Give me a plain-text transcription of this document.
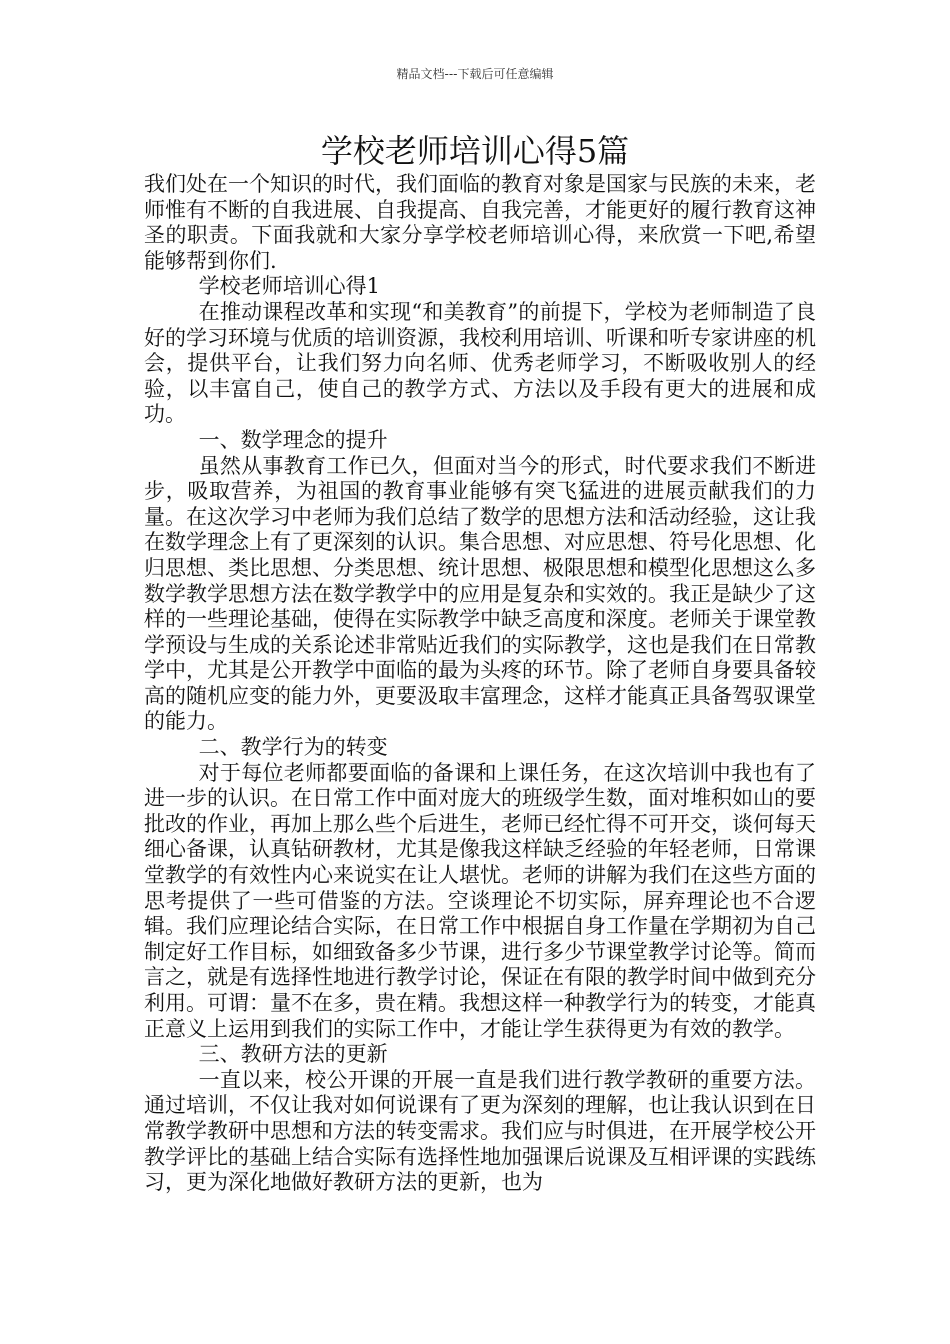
精品文档---下载后可任意编辑
学校老师培训心得5篇

我们处在一个知识的时代，我们面临的教育对象是国家与民族的未来，老师惟有不断的自我进展、自我提高、自我完善，才能更好的履行教育这神圣的职责。下面我就和大家分享学校老师培训心得，来欣赏一下吧,希望能够帮到你们.

学校老师培训心得1

在推动课程改革和实现“和美教育”的前提下，学校为老师制造了良好的学习环境与优质的培训资源，我校利用培训、听课和听专家讲座的机会，提供平台，让我们努力向名师、优秀老师学习，不断吸收别人的经验，以丰富自己，使自己的教学方式、方法以及手段有更大的进展和成功。

一、数学理念的提升

虽然从事教育工作已久，但面对当今的形式，时代要求我们不断进步，吸取营养，为祖国的教育事业能够有突飞猛进的进展贡献我们的力量。在这次学习中老师为我们总结了数学的思想方法和活动经验，这让我在数学理念上有了更深刻的认识。集合思想、对应思想、符号化思想、化归思想、类比思想、分类思想、统计思想、极限思想和模型化思想这么多数学教学思想方法在数学教学中的应用是复杂和实效的。我正是缺少了这样的一些理论基础，使得在实际教学中缺乏高度和深度。老师关于课堂教学预设与生成的关系论述非常贴近我们的实际教学，这也是我们在日常教学中，尤其是公开教学中面临的最为头疼的环节。除了老师自身要具备较高的随机应变的能力外，更要汲取丰富理念，这样才能真正具备驾驭课堂的能力。

二、教学行为的转变

对于每位老师都要面临的备课和上课任务，在这次培训中我也有了进一步的认识。在日常工作中面对庞大的班级学生数，面对堆积如山的要批改的作业，再加上那么些个后进生，老师已经忙得不可开交，谈何每天细心备课，认真钻研教材，尤其是像我这样缺乏经验的年轻老师，日常课堂教学的有效性内心来说实在让人堪忧。老师的讲解为我们在这些方面的思考提供了一些可借鉴的方法。空谈理论不切实际，屏弃理论也不合逻辑。我们应理论结合实际，在日常工作中根据自身工作量在学期初为自己制定好工作目标，如细致备多少节课，进行多少节课堂教学讨论等。简而言之，就是有选择性地进行教学讨论，保证在有限的教学时间中做到充分利用。可谓：量不在多，贵在精。我想这样一种教学行为的转变，才能真正意义上运用到我们的实际工作中，才能让学生获得更为有效的教学。

三、教研方法的更新

一直以来，校公开课的开展一直是我们进行教学教研的重要方法。通过培训，不仅让我对如何说课有了更为深刻的理解，也让我认识到在日常教学教研中思想和方法的转变需求。我们应与时俱进，在开展学校公开教学评比的基础上结合实际有选择性地加强课后说课及互相评课的实践练习，更为深化地做好教研方法的更新，也为
